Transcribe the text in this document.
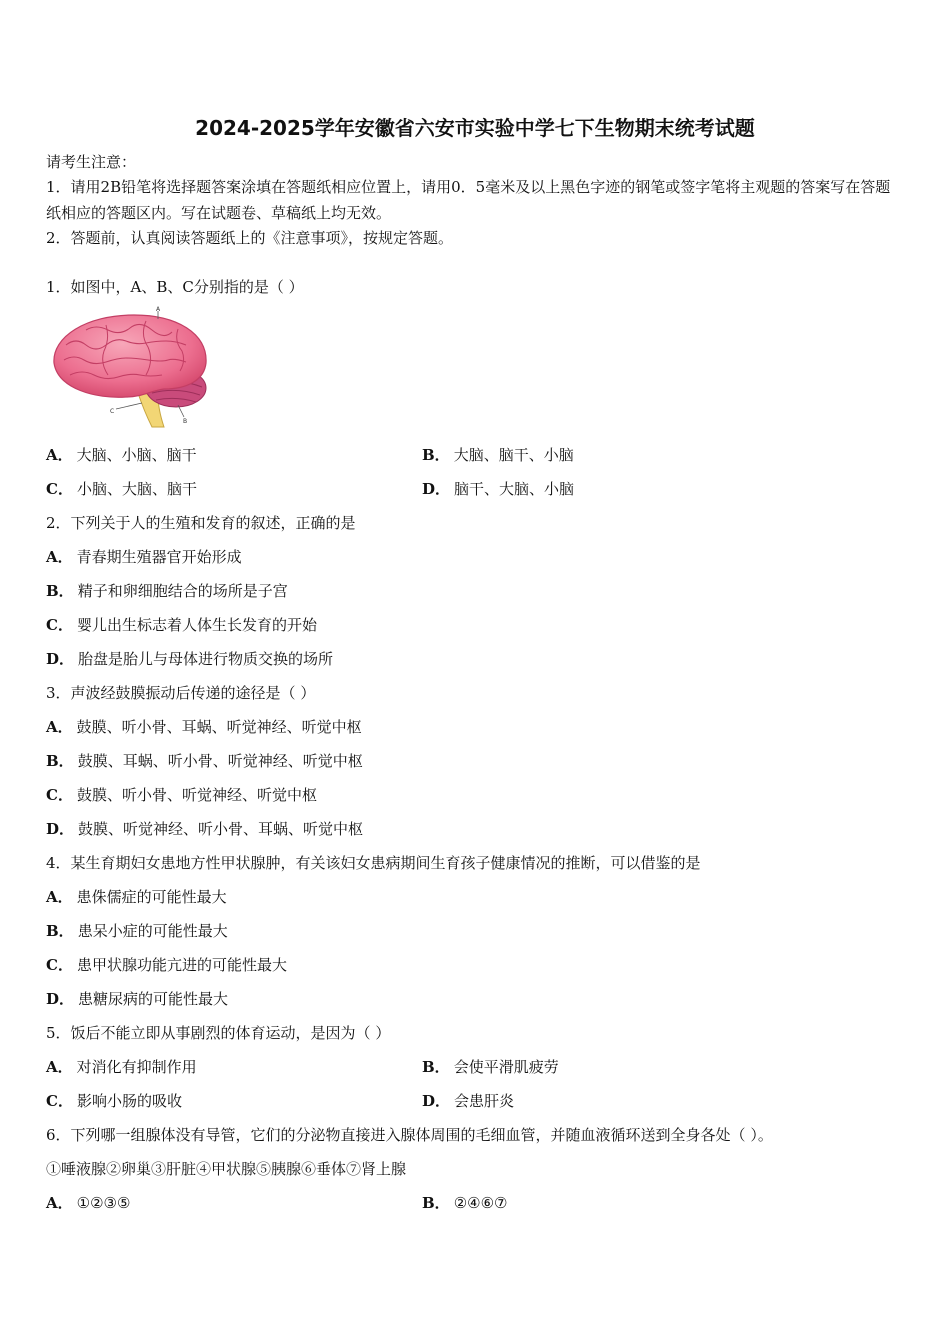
2024-2025学年安徽省六安市实验中学七下生物期末统考试题
请考生注意：
1．请用2B铅笔将选择题答案涂填在答题纸相应位置上，请用0．5毫米及以上黑色字迹的钢笔或签字笔将主观题的答案写在答题纸相应的答题区内。写在试题卷、草稿纸上均无效。
2．答题前，认真阅读答题纸上的《注意事项》，按规定答题。
1．如图中，A、B、C分别指的是（ ）
A
B
C
A． 大脑、小脑、脑干	B． 大脑、脑干、小脑
C． 小脑、大脑、脑干	D． 脑干、大脑、小脑
2．下列关于人的生殖和发育的叙述，正确的是
A． 青春期生殖器官开始形成
B． 精子和卵细胞结合的场所是子宫
C． 婴儿出生标志着人体生长发育的开始
D． 胎盘是胎儿与母体进行物质交换的场所
3．声波经鼓膜振动后传递的途径是（ ）
A． 鼓膜、听小骨、耳蜗、听觉神经、听觉中枢
B． 鼓膜、耳蜗、听小骨、听觉神经、听觉中枢
C． 鼓膜、听小骨、听觉神经、听觉中枢
D． 鼓膜、听觉神经、听小骨、耳蜗、听觉中枢
4．某生育期妇女患地方性甲状腺肿，有关该妇女患病期间生育孩子健康情况的推断，可以借鉴的是
A． 患侏儒症的可能性最大
B． 患呆小症的可能性最大
C． 患甲状腺功能亢进的可能性最大
D． 患糖尿病的可能性最大
5．饭后不能立即从事剧烈的体育运动，是因为（ ）
A． 对消化有抑制作用	B． 会使平滑肌疲劳
C． 影响小肠的吸收	D． 会患肝炎
6．下列哪一组腺体没有导管，它们的分泌物直接进入腺体周围的毛细血管，并随血液循环送到全身各处（ ）。
①唾液腺②卵巢③肝脏④甲状腺⑤胰腺⑥垂体⑦肾上腺
A． ①②③⑤	B． ②④⑥⑦
